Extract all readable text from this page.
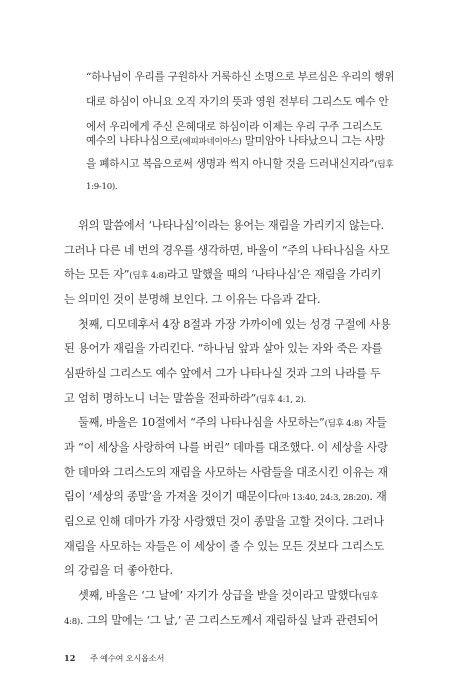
“하나님이 우리를 구원하사 거룩하신 소명으로 부르심은 우리의 행위
대로 하심이 아니요 오직 자기의 뜻과 영원 전부터 그리스도 예수 안
에서 우리에게 주신 은혜대로 하심이라 이제는 우리 구주 그리스도
예수의 나타나심으로(에피파네이아스) 말미암아 나타났으니 그는 사망
을 폐하시고 복음으로써 생명과 썩지 아니할 것을 드러내신지라”(딤후
1:9-10).
위의 말씀에서 ‘나타나심’이라는 용어는 재림을 가리키지 않는다.
그러나 다른 네 번의 경우를 생각하면, 바울이 “주의 나타나심을 사모
하는 모든 자”(딤후 4:8)라고 말했을 때의 ‘나타나심’은 재림을 가리키
는 의미인 것이 분명해 보인다. 그 이유는 다음과 같다.
첫째, 디모데후서 4장 8절과 가장 가까이에 있는 성경 구절에 사용
된 용어가 재림을 가리킨다. “하나님 앞과 살아 있는 자와 죽은 자를
심판하실 그리스도 예수 앞에서 그가 나타나실 것과 그의 나라를 두
고 엄히 명하노니 너는 말씀을 전파하라”(딤후 4:1, 2).
둘째, 바울은 10절에서 “주의 나타나심을 사모하는”(딤후 4:8) 자들
과 “이 세상을 사랑하여 나를 버린” 데마를 대조했다. 이 세상을 사랑
한 데마와 그리스도의 재림을 사모하는 사람들을 대조시킨 이유는 재
림이 ‘세상의 종말’을 가져올 것이기 때문이다(마 13:40, 24:3, 28:20). 재
림으로 인해 데마가 가장 사랑했던 것이 종말을 고할 것이다. 그러나
재림을 사모하는 자들은 이 세상이 줄 수 있는 모든 것보다 그리스도
의 강림을 더 좋아한다.
셋째, 바울은 ‘그 날에’ 자기가 상급을 받을 것이라고 말했다(딤후
4:8). 그의 말에는 ‘그 날,’ 곧 그리스도께서 재림하실 날과 관련되어
12 주 예수여 오시옵소서
